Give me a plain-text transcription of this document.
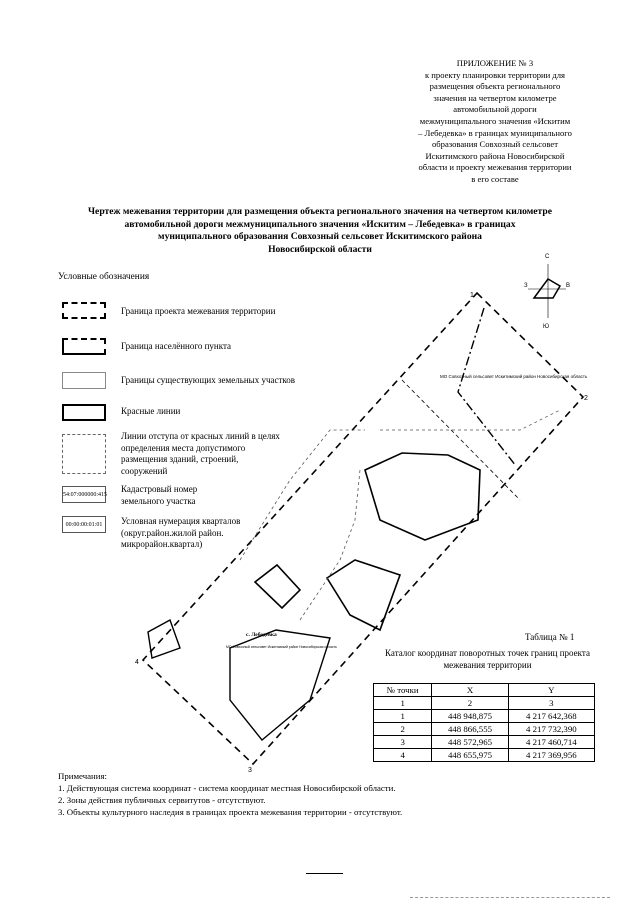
ПРИЛОЖЕНИЕ № 3
к проекту планировки территории для
размещения объекта регионального
значения на четвертом километре
автомобильной дороги
межмуниципального значения «Искитим
– Лебедевка» в границах муниципального
образования Совхозный сельсовет
Искитимского района Новосибирской
области и проекту межевания территории
в его составе
Чертеж межевания территории для размещения объекта регионального значения на четвертом километре
автомобильной дороги межмуниципального значения «Искитим – Лебедевка» в границах
муниципального образования Совхозный сельсовет Искитимского района
Новосибирской области
Условные обозначения
Граница проекта межевания территории
Граница населённого пункта
Границы существующих земельных участков
Красные линии
Линии отступа от красных линий в целях определения места допустимого размещения зданий, строений, сооружений
54:07:000000:415
Кадастровый номер земельного участка
00:00:00:01:01	Условная нумерация кварталов (округ.район.жилой район. микрорайон.квартал)
С
З	В
Ю
1
2
3
4
МО Совхозный сельсовет Искитимский район Новосибирская область
с. Лебедевка
МО Совхозный сельсовет Искитимский район Новосибирская область
Таблица № 1
Каталог координат поворотных точек границ проекта межевания территории
№ точки	X	Y
1	2	3
1	448 948,875	4 217 642,368
2	448 866,555	4 217 732,390
3	448 572,965	4 217 460,714
4	448 655,975	4 217 369,956
Примечания:
1. Действующая система координат - система координат местная Новосибирской области.
2. Зоны действия публичных сервитутов - отсутствуют.
3. Объекты культурного наследия в границах проекта межевания территории - отсутствуют.
